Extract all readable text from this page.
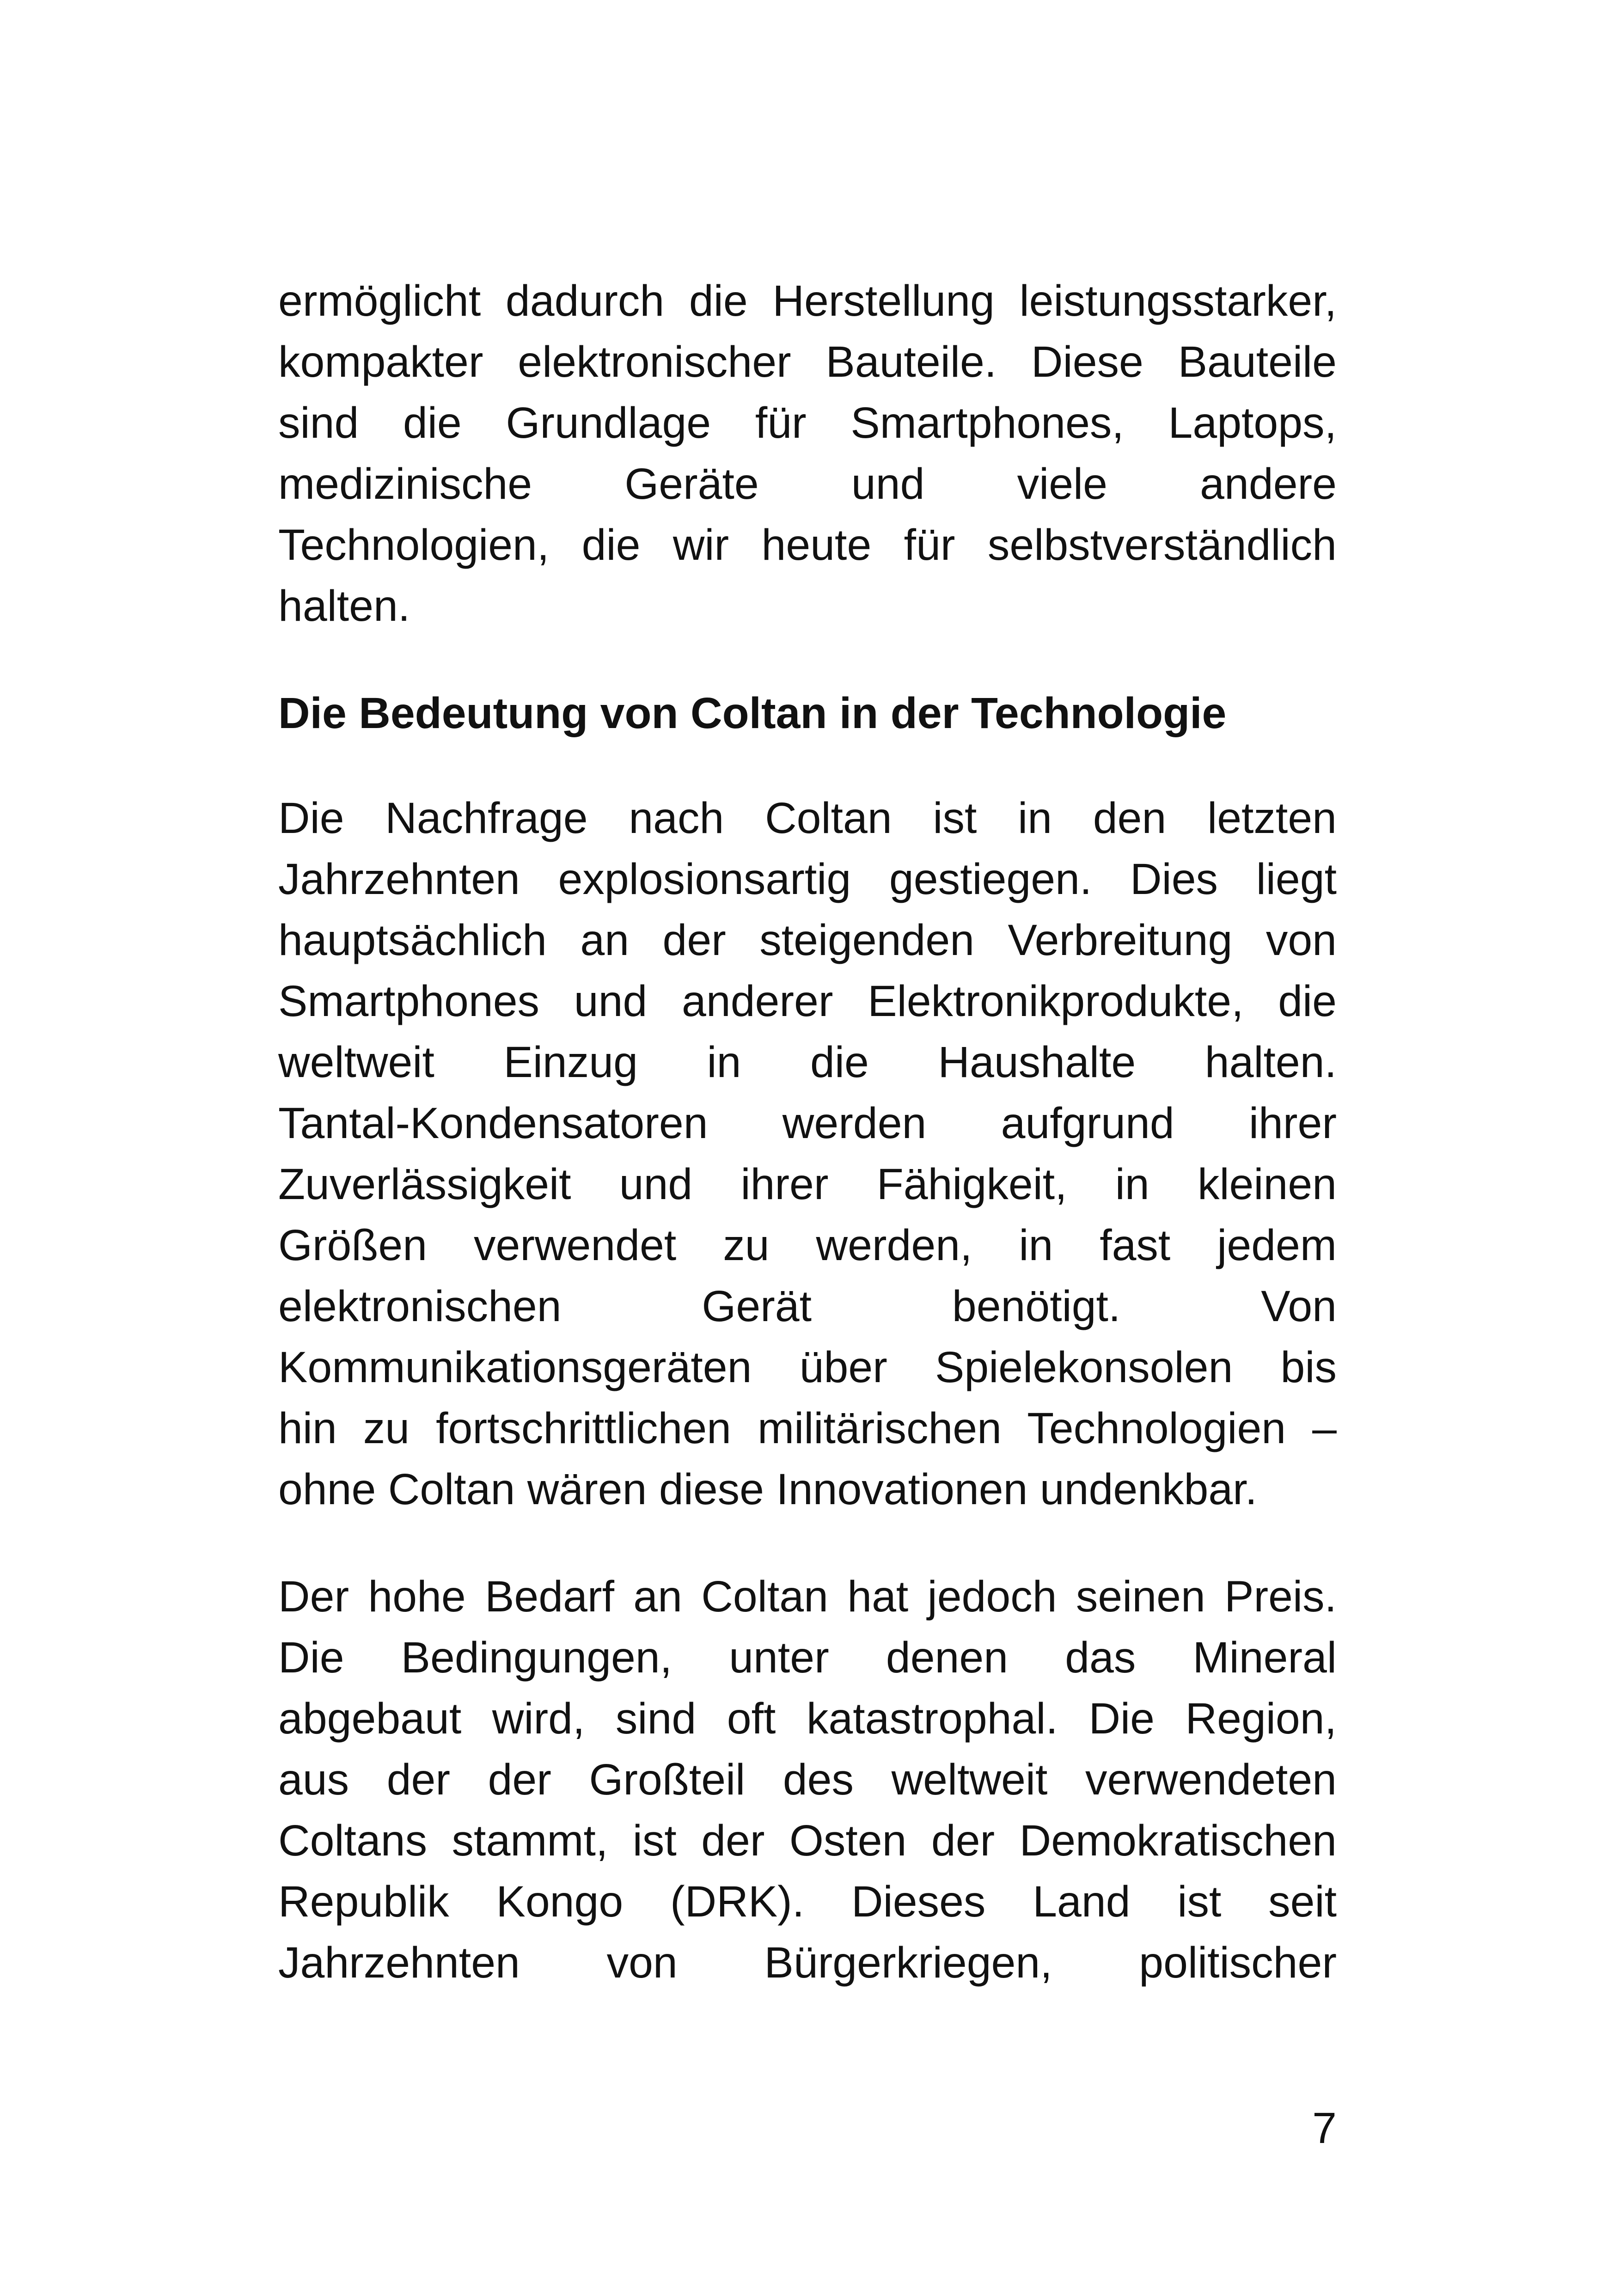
ermöglicht dadurch die Herstellung leistungsstarker,
kompakter elektronischer Bauteile. Diese Bauteile
sind die Grundlage für Smartphones, Laptops,
medizinische Geräte und viele andere
Technologien, die wir heute für selbstverständlich
halten.
Die Bedeutung von Coltan in der Technologie
Die Nachfrage nach Coltan ist in den letzten
Jahrzehnten explosionsartig gestiegen. Dies liegt
hauptsächlich an der steigenden Verbreitung von
Smartphones und anderer Elektronikprodukte, die
weltweit Einzug in die Haushalte halten.
Tantal-Kondensatoren werden aufgrund ihrer
Zuverlässigkeit und ihrer Fähigkeit, in kleinen
Größen verwendet zu werden, in fast jedem
elektronischen Gerät benötigt. Von
Kommunikationsgeräten über Spielekonsolen bis
hin zu fortschrittlichen militärischen Technologien –
ohne Coltan wären diese Innovationen undenkbar.
Der hohe Bedarf an Coltan hat jedoch seinen Preis.
Die Bedingungen, unter denen das Mineral
abgebaut wird, sind oft katastrophal. Die Region,
aus der der Großteil des weltweit verwendeten
Coltans stammt, ist der Osten der Demokratischen
Republik Kongo (DRK). Dieses Land ist seit
Jahrzehnten von Bürgerkriegen, politischer
7
